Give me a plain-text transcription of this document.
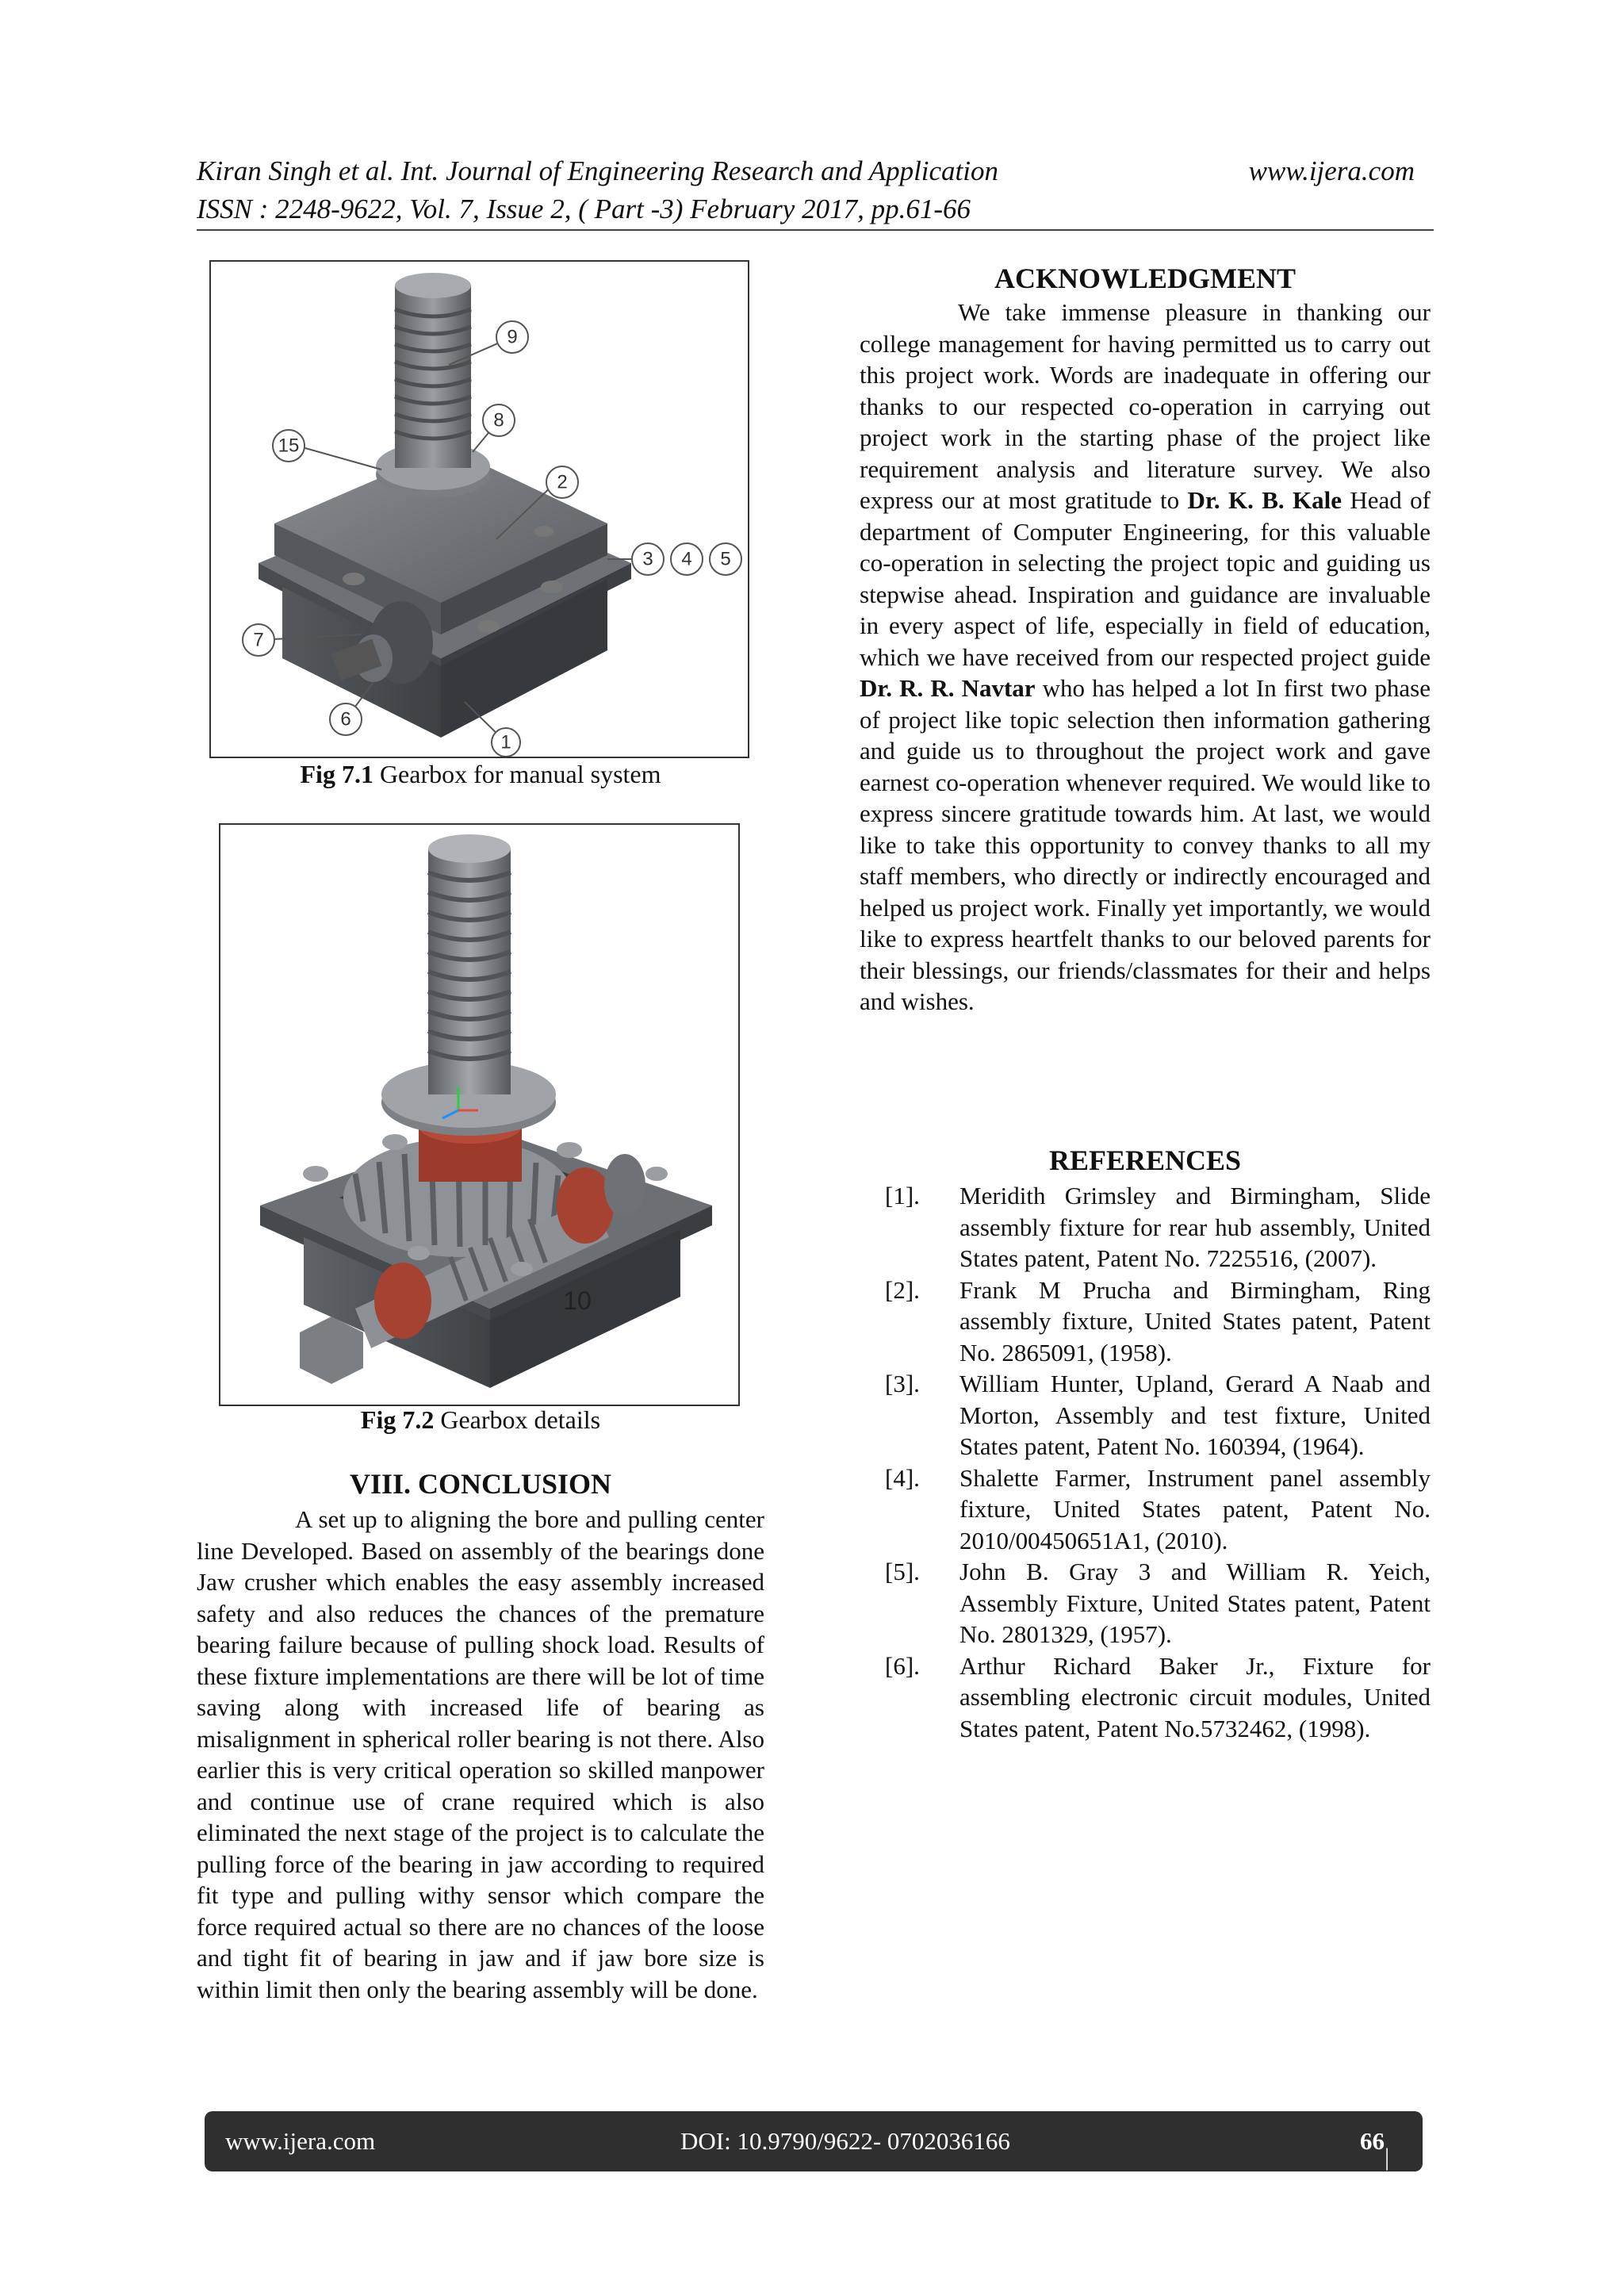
Kiran Singh et al. Int. Journal of Engineering Research and Application	www.ijera.com
ISSN : 2248-9622, Vol. 7, Issue 2, ( Part -3) February 2017, pp.61-66
9
15
8
2
3 4 5
7
6
1
Fig 7.1 Gearbox for manual system
10
Fig 7.2 Gearbox details
VIII. CONCLUSION
A set up to aligning the bore and pulling center line Developed. Based on assembly of the bearings done Jaw crusher which enables the easy assembly increased safety and also reduces the chances of the premature bearing failure because of pulling shock load. Results of these fixture implementations are there will be lot of time saving along with increased life of bearing as misalignment in spherical roller bearing is not there. Also earlier this is very critical operation so skilled manpower and continue use of crane required which is also eliminated the next stage of the project is to calculate the pulling force of the bearing in jaw according to required fit type and pulling withy sensor which compare the force required actual so there are no chances of the loose and tight fit of bearing in jaw and if jaw bore size is within limit then only the bearing assembly will be done.
ACKNOWLEDGMENT
We take immense pleasure in thanking our college management for having permitted us to carry out this project work. Words are inadequate in offering our thanks to our respected co-operation in carrying out project work in the starting phase of the project like requirement analysis and literature survey. We also express our at most gratitude to Dr. K. B. Kale Head of department of Computer Engineering, for this valuable co-operation in selecting the project topic and guiding us stepwise ahead. Inspiration and guidance are invaluable in every aspect of life, especially in field of education, which we have received from our respected project guide Dr. R. R. Navtar who has helped a lot In first two phase of project like topic selection then information gathering and guide us to throughout the project work and gave earnest co-operation whenever required. We would like to express sincere gratitude towards him. At last, we would like to take this opportunity to convey thanks to all my staff members, who directly or indirectly encouraged and helped us project work. Finally yet importantly, we would like to express heartfelt thanks to our beloved parents for their blessings, our friends/classmates for their and helps and wishes.
REFERENCES
[1].	Meridith Grimsley and Birmingham, Slide assembly fixture for rear hub assembly, United States patent, Patent No. 7225516, (2007).
[2].	Frank M Prucha and Birmingham, Ring assembly fixture, United States patent, Patent No. 2865091, (1958).
[3].	William Hunter, Upland, Gerard A Naab and Morton, Assembly and test fixture, United States patent, Patent No. 160394, (1964).
[4].	Shalette Farmer, Instrument panel assembly fixture, United States patent, Patent No. 2010/00450651A1, (2010).
[5].	John B. Gray 3 and William R. Yeich, Assembly Fixture, United States patent, Patent No. 2801329, (1957).
[6].	Arthur Richard Baker Jr., Fixture for assembling electronic circuit modules, United States patent, Patent No.5732462, (1998).
www.ijera.com	DOI: 10.9790/9622- 0702036166	66
| P a g e
